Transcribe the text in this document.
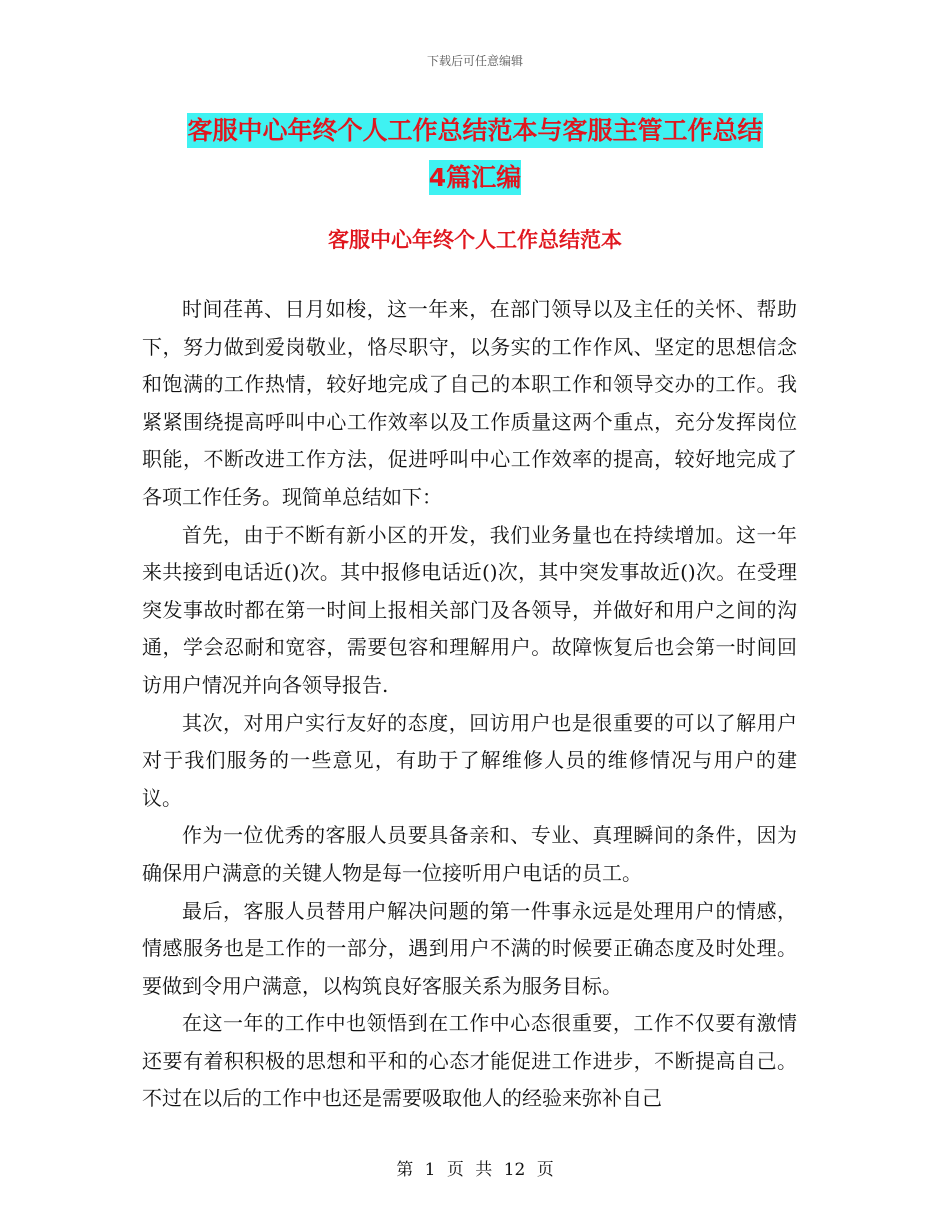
下载后可任意编辑
客服中心年终个人工作总结范本与客服主管工作总结
4篇汇编
客服中心年终个人工作总结范本

时间荏苒、日月如梭，这一年来，在部门领导以及主任的关怀、帮助下，努力做到爱岗敬业，恪尽职守，以务实的工作作风、坚定的思想信念和饱满的工作热情，较好地完成了自己的本职工作和领导交办的工作。我紧紧围绕提高呼叫中心工作效率以及工作质量这两个重点，充分发挥岗位职能，不断改进工作方法，促进呼叫中心工作效率的提高，较好地完成了各项工作任务。现简单总结如下：

首先，由于不断有新小区的开发，我们业务量也在持续增加。这一年来共接到电话近()次。其中报修电话近()次，其中突发事故近()次。在受理突发事故时都在第一时间上报相关部门及各领导，并做好和用户之间的沟通，学会忍耐和宽容，需要包容和理解用户。故障恢复后也会第一时间回访用户情况并向各领导报告.

其次，对用户实行友好的态度，回访用户也是很重要的可以了解用户对于我们服务的一些意见，有助于了解维修人员的维修情况与用户的建议。

作为一位优秀的客服人员要具备亲和、专业、真理瞬间的条件，因为确保用户满意的关键人物是每一位接听用户电话的员工。

最后，客服人员替用户解决问题的第一件事永远是处理用户的情感，情感服务也是工作的一部分，遇到用户不满的时候要正确态度及时处理。要做到令用户满意，以构筑良好客服关系为服务目标。

在这一年的工作中也领悟到在工作中心态很重要，工作不仅要有激情还要有着积积极的思想和平和的心态才能促进工作进步，不断提高自己。不过在以后的工作中也还是需要吸取他人的经验来弥补自己

第 1 页 共 12 页
